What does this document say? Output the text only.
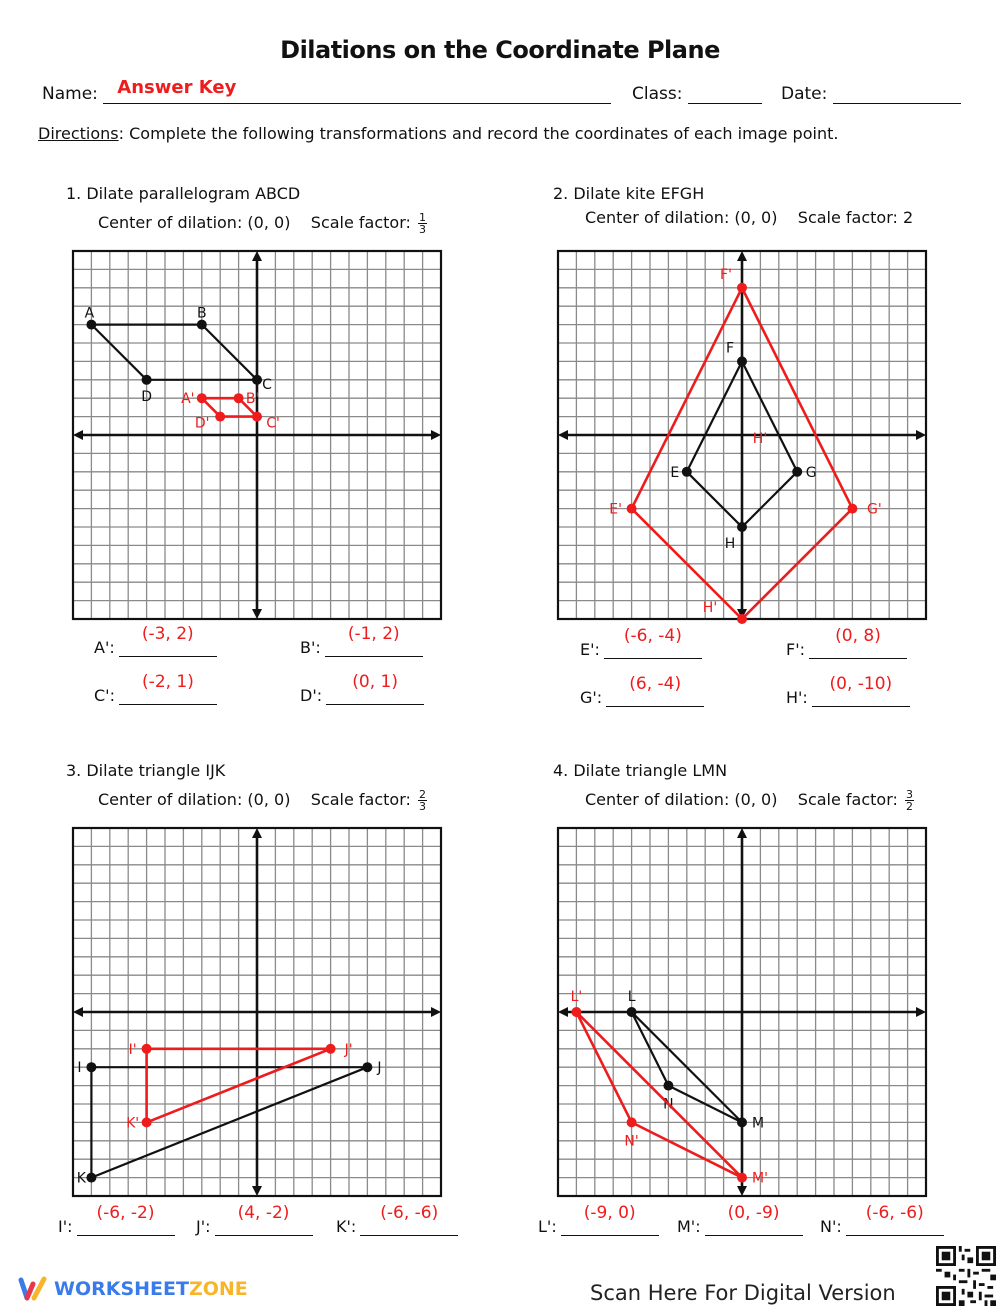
Dilations on the Coordinate Plane
Name: Answer Key	Class:	Date:
Directions: Complete the following transformations and record the coordinates of each image point.
1. Dilate parallelogram ABCD
Center of dilation: (0, 0) Scale factor: $\frac{1}{3}$
2. Dilate kite EFGH
Center of dilation: (0, 0) Scale factor: 2
3. Dilate triangle IJK
Center of dilation: (0, 0) Scale factor: $\frac{2}{3}$
4. Dilate triangle LMN
Center of dilation: (0, 0) Scale factor: $\frac{3}{2}$
A	B
C
D A'	B'
C'
D'
E
F
G
H
E'
F'
G'
H'
H'
I	J
K
I'	J'
K'
L
M
N
L'
M'
N'
A':
(-3, 2)
B':
(-1, 2)
C':
(-2, 1)
D':
(0, 1)
E':
(-6, -4)
F':
(0, 8)
G':
(6, -4)
H':
(0, -10)
I':
(-6, -2)
J':
(4, -2)
K':
(-6, -6)
L':
(-9, 0)
M':
(0, -9)
N':
(-6, -6)
WORKSHEET ZONE	Scan Here For Digital Version
